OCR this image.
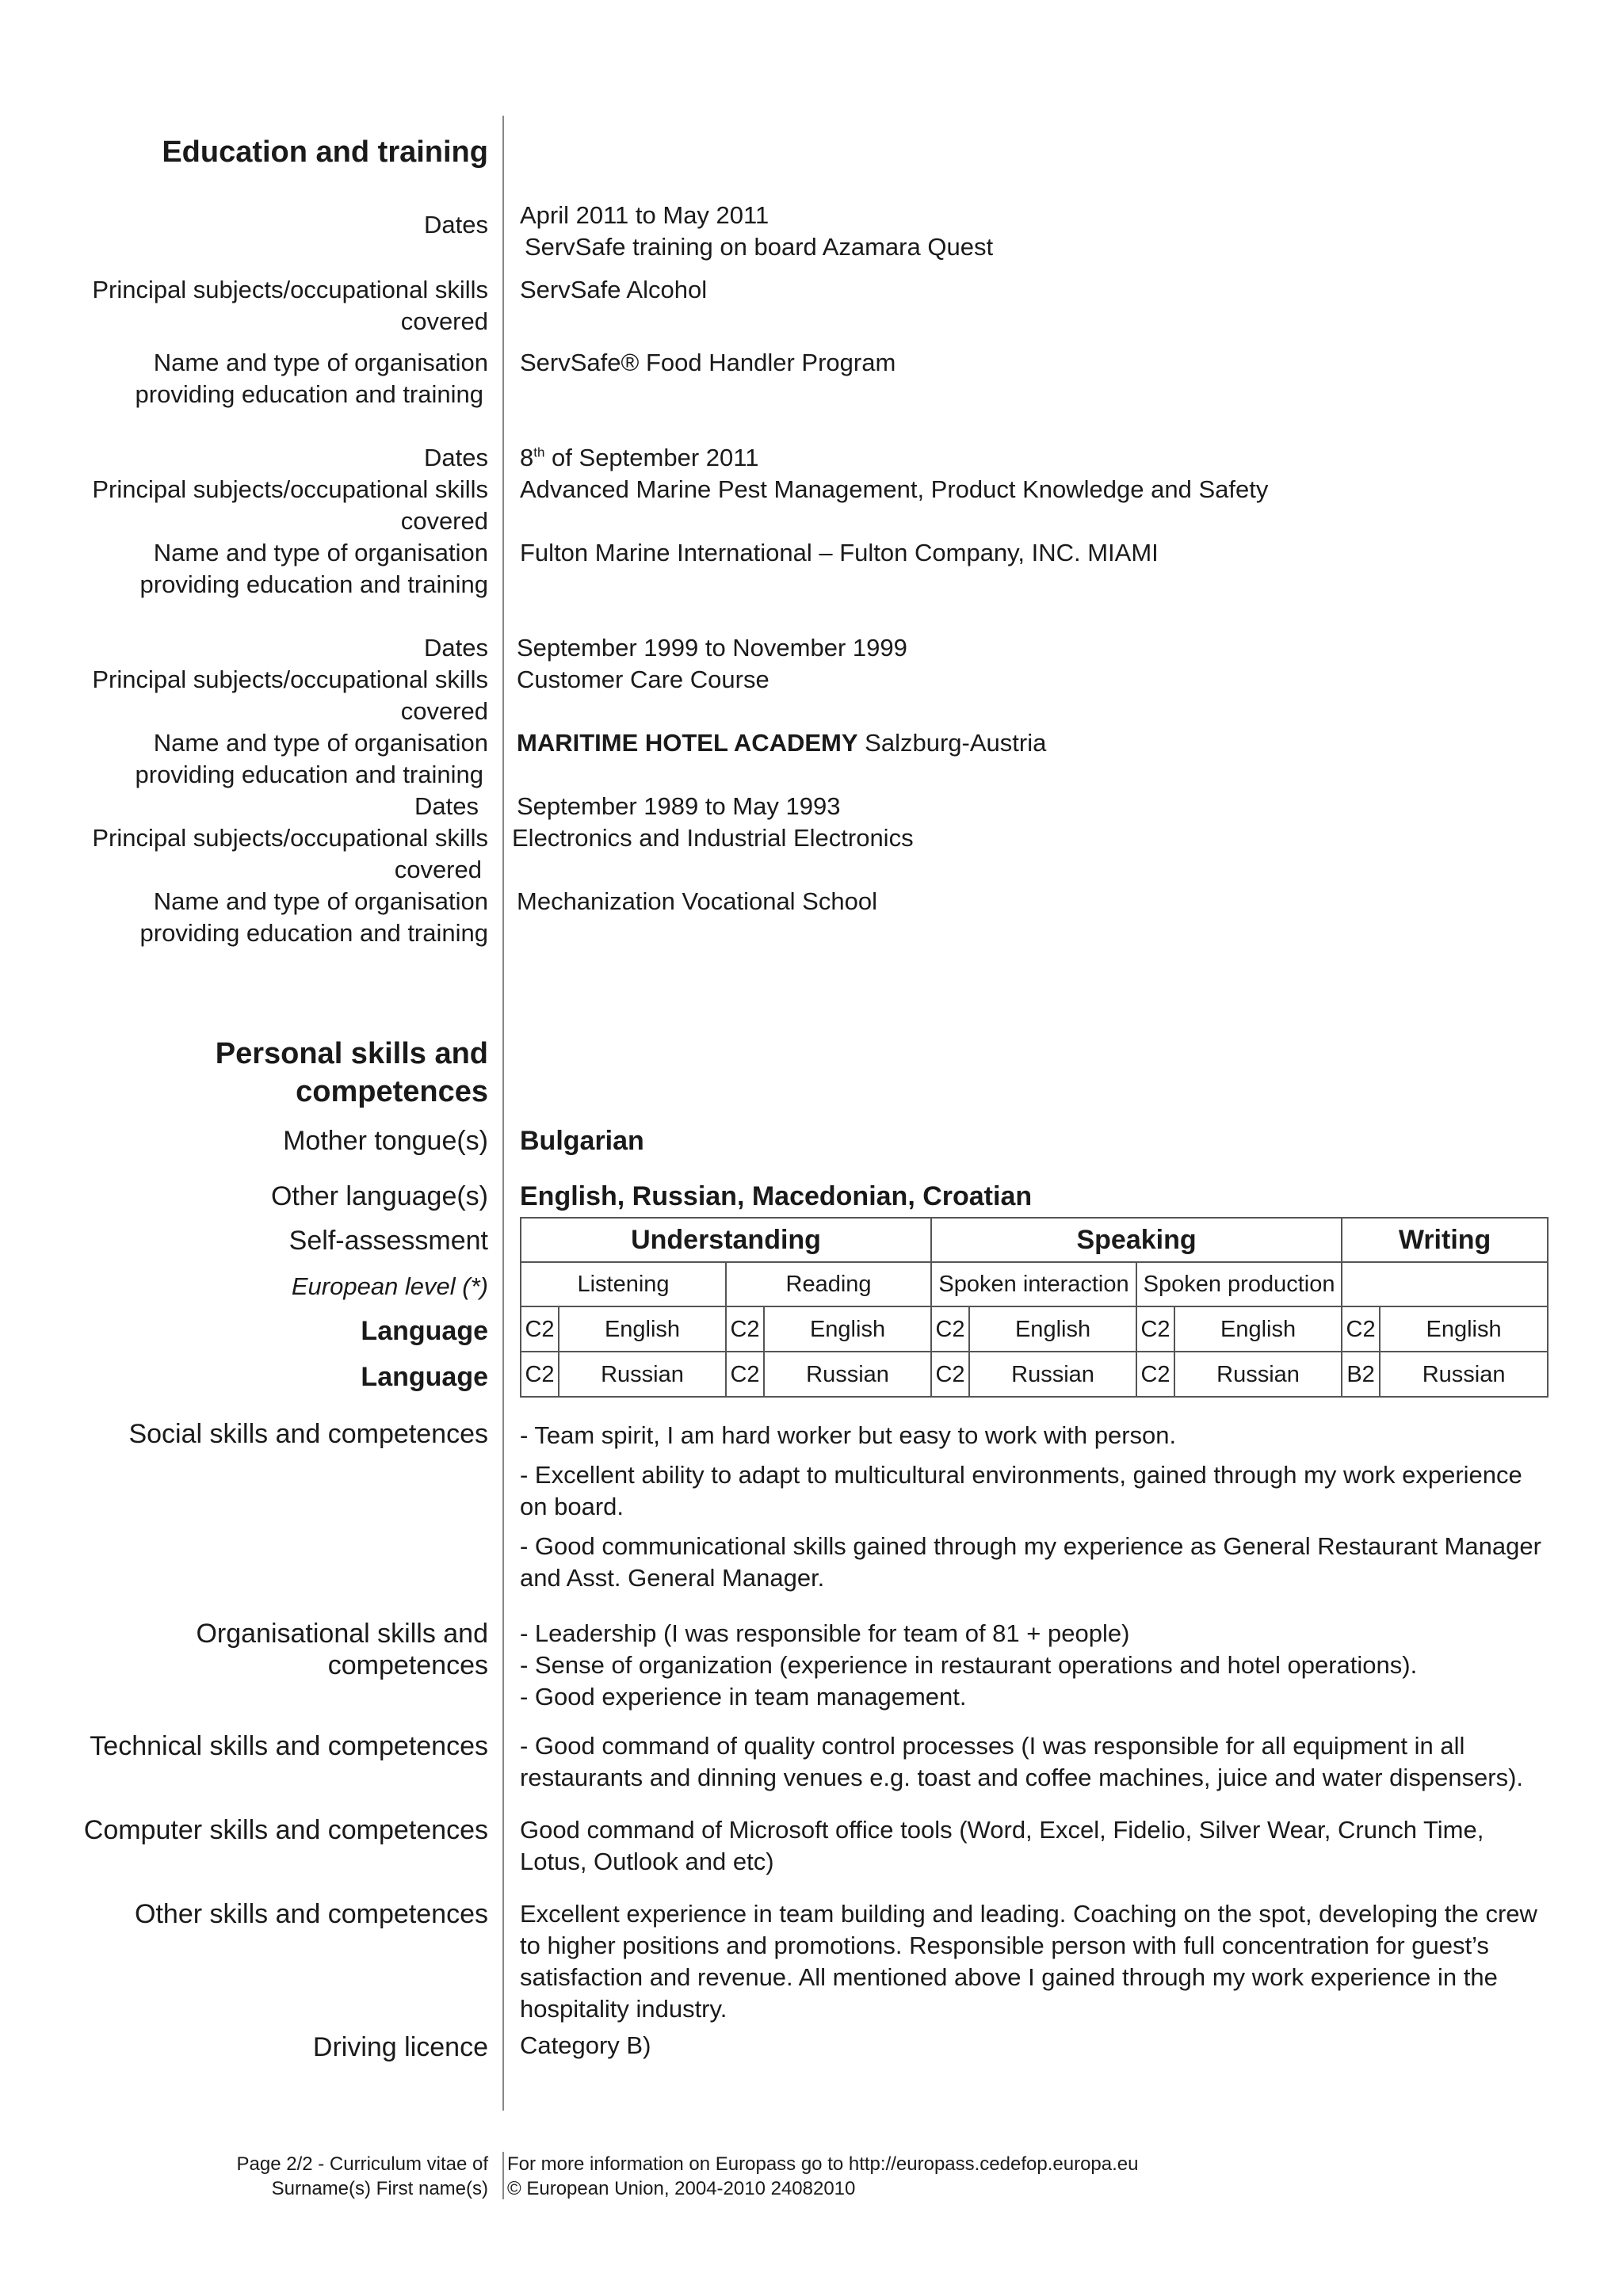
Education and training
Dates April 2011 to May 2011
ServSafe training on board Azamara Quest
Principal subjects/occupational skills
covered
ServSafe Alcohol
Name and type of organisation
providing education and training
ServSafe® Food Handler Program
Dates 8th of September 2011
Principal subjects/occupational skills
covered
Advanced Marine Pest Management, Product Knowledge and Safety
Name and type of organisation
providing education and training
Fulton Marine International – Fulton Company, INC. MIAMI
Dates September 1999 to November 1999
Principal subjects/occupational skills
covered
Customer Care Course
Name and type of organisation
providing education and training
MARITIME HOTEL ACADEMY Salzburg-Austria
Dates September 1989 to May 1993
Principal subjects/occupational skills
covered
Electronics and Industrial Electronics
Name and type of organisation
providing education and training
Mechanization Vocational School
Personal skills and
competences
Mother tongue(s) Bulgarian
Other language(s) English, Russian, Macedonian, Croatian
Self-assessment
European level (*)
Language
Language
Understanding				Speaking				Writing	
Listening		Reading		Spoken interaction		Spoken production			
C2	English	C2	English	C2	English	C2	English	C2	English
C2	Russian	C2	Russian	C2	Russian	C2	Russian	B2	Russian
Social skills and competences - Team spirit, I am hard worker but easy to work with person.
- Excellent ability to adapt to multicultural environments, gained through my work experience on board.
- Good communicational skills gained through my experience as General Restaurant Manager and Asst. General Manager.
Organisational skills and
competences
- Leadership (I was responsible for team of 81 + people)
- Sense of organization (experience in restaurant operations and hotel operations).
- Good experience in team management.
Technical skills and competences - Good command of quality control processes (I was responsible for all equipment in all restaurants and dinning venues e.g. toast and coffee machines, juice and water dispensers).
Computer skills and competences Good command of Microsoft office tools (Word, Excel, Fidelio, Silver Wear, Crunch Time, Lotus, Outlook and etc)
Other skills and competences Excellent experience in team building and leading. Coaching on the spot, developing the crew to higher positions and promotions. Responsible person with full concentration for guest’s satisfaction and revenue. All mentioned above I gained through my work experience in the hospitality industry.
Driving licence Category B)
Page 2/2 - Curriculum vitae of
Surname(s) First name(s)
For more information on Europass go to http://europass.cedefop.europa.eu
© European Union, 2004-2010 24082010
